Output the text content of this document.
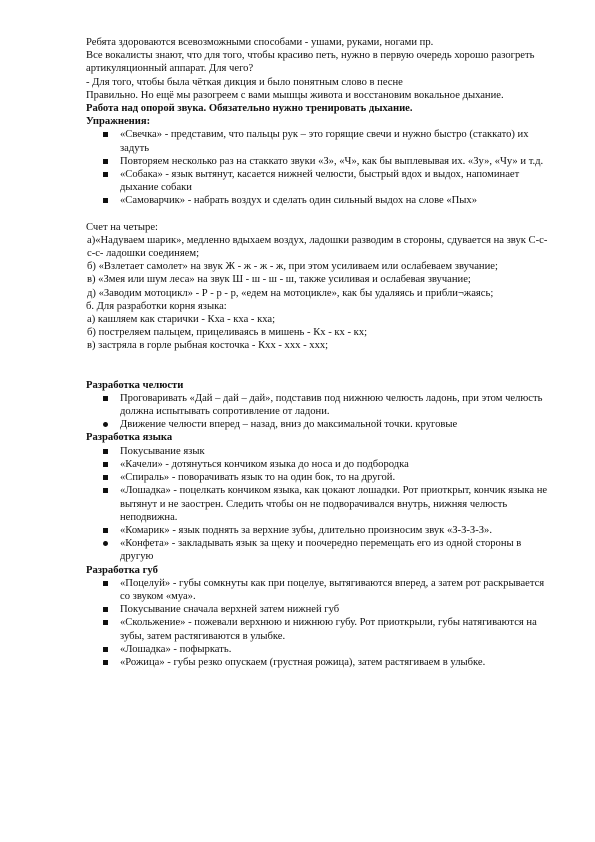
Ребята здороваются всевозможными способами - ушами, руками, ногами пр.

Все вокалисты знают, что для того, чтобы красиво петь, нужно в первую очередь хорошо разогреть артикуляционный аппарат. Для чего?

- Для того, чтобы была чёткая дикция и было понятным слово в песне

Правильно. Но ещё мы разогреем с вами мышцы живота и восстановим вокальное дыхание.

Работа над опорой звука. Обязательно нужно тренировать дыхание.

Упражнения:

«Свечка» - представим, что пальцы рук – это горящие свечи и нужно быстро (стаккато) их задуть
Повторяем несколько раз на стаккато звуки «З», «Ч», как бы выплевывая их. «Зу», «Чу» и т.д.
«Собака» - язык вытянут, касается нижней челюсти, быстрый вдох и выдох, напоминает дыхание собаки
«Самоварчик» - набрать воздух и сделать один сильный выдох на слове «Пых»

Счет на четыре:

а)«Надуваем шарик», медленно вдыхаем воздух, ладошки разводим в стороны, сдувается на звук С-с-с-с- ладошки соединяем;

б) «Взлетает самолет» на звук Ж - ж - ж - ж, при этом усиливаем или ослабеваем звучание;

в) «Змея или шум леса» на звук Ш - ш - ш - ш, также усиливая и ослабевая звучание;

д) «Заводим мотоцикл» - Р - р - р, «едем на мотоцикле», как бы удаляясь и прибли¬жаясь;

б. Для разработки корня языка:

а) кашляем как старички - Кха - кха - кха;

б) постреляем пальцем, прицеливаясь в мишень - Кх - кх - кх;

в) застряла в горле рыбная косточка - Кхх - ххх - ххх;

Разработка челюсти

Проговаривать «Дай – дай – дай», подставив под нижнюю челюсть ладонь, при этом челюсть должна испытывать сопротивление от ладони.
Движение челюсти вперед – назад, вниз до максимальной точки. круговые

Разработка языка

Покусывание язык
«Качели» - дотянуться кончиком языка до носа и до подбородка
«Спираль» - поворачивать язык то на один бок, то на другой.
«Лошадка» - поцелкать кончиком языка, как цокают лошадки. Рот приоткрыт, кончик языка не вытянут и не заострен. Следить чтобы он не подворачивался внутрь, нижняя челюсть неподвижна.
«Комарик» - язык поднять за верхние зубы, длительно произносим звук «З-З-З-З».
«Конфета» - закладывать язык за щеку и поочередно перемещать его из одной стороны в другую

Разработка губ

«Поцелуй» - губы сомкнуты как при поцелуе, вытягиваются вперед, а затем рот раскрывается со звуком «муа».
Покусывание сначала верхней затем нижней губ
«Скольжение» - пожевали верхнюю и нижнюю губу. Рот приоткрыли, губы натягиваются на зубы, затем растягиваются в улыбке.
«Лошадка» - пофыркать.
«Рожица» - губы резко опускаем (грустная рожица), затем растягиваем в улыбке.
